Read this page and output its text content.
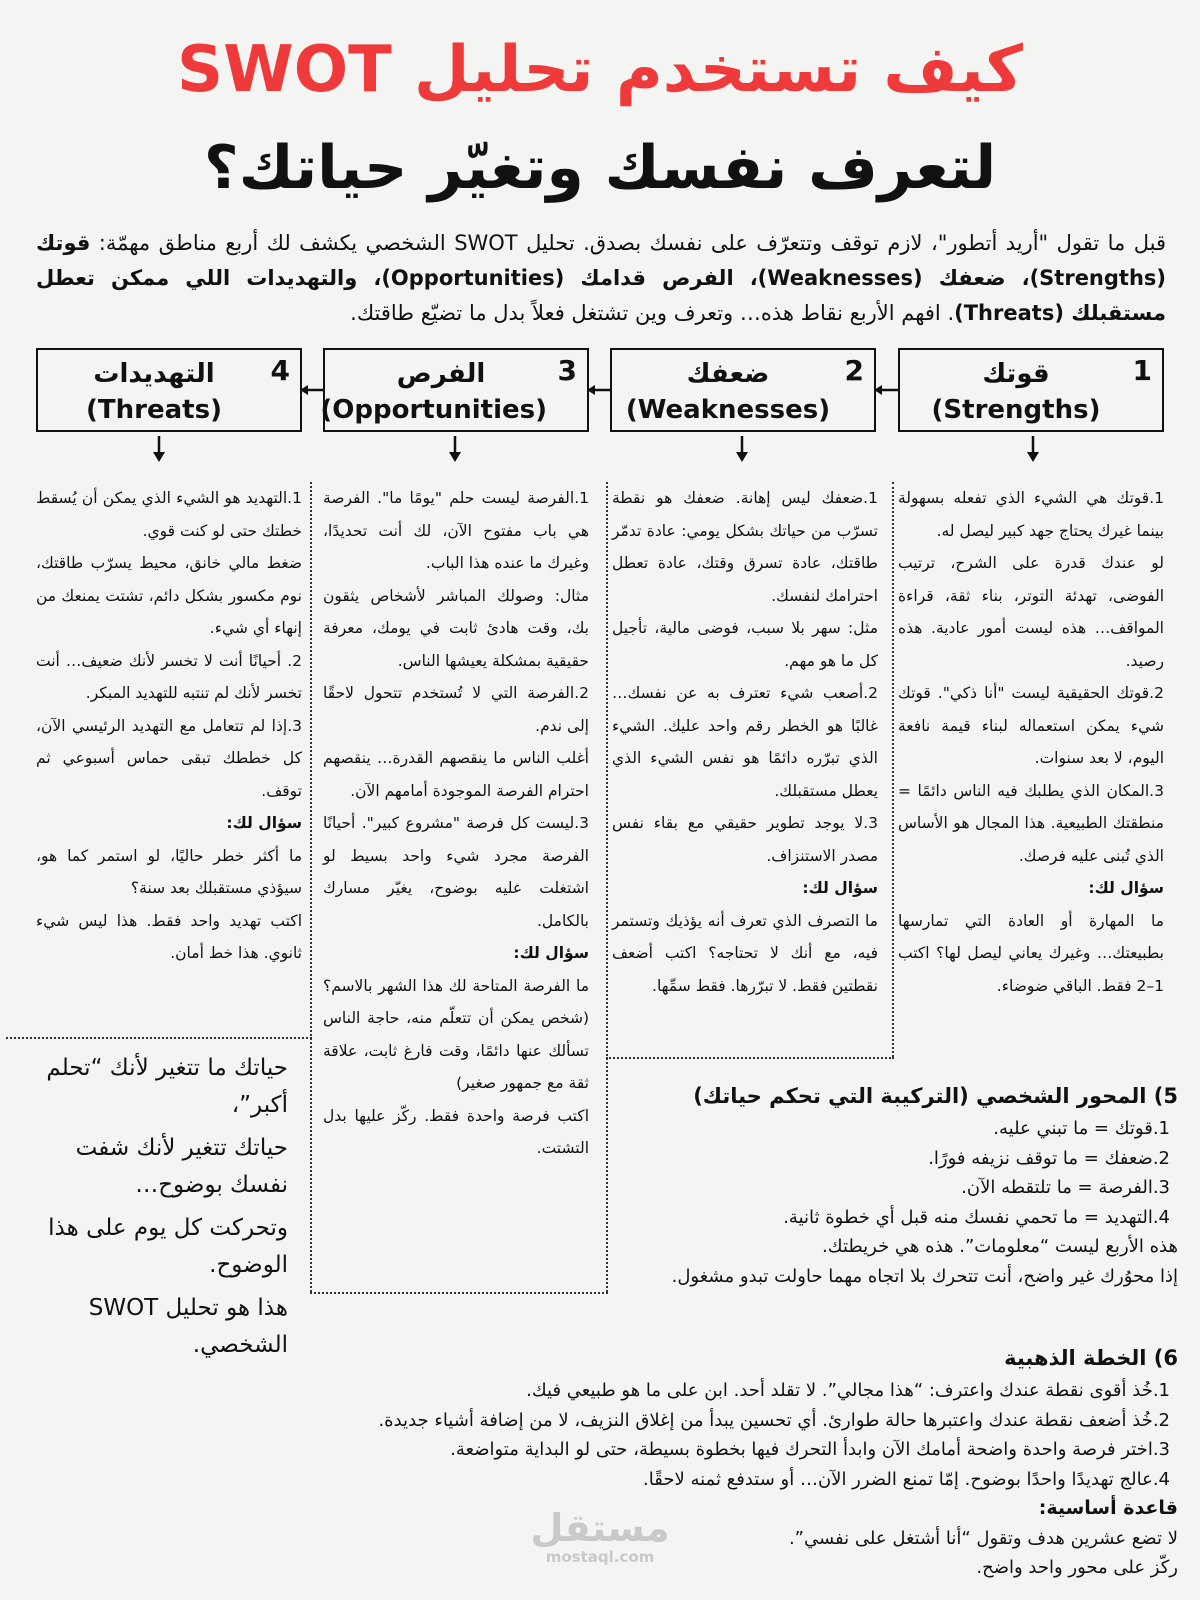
كيف تستخدم تحليل SWOT
لتعرف نفسك وتغيّر حياتك؟
قبل ما تقول "أريد أتطور"، لازم توقف وتتعرّف على نفسك بصدق. تحليل SWOT الشخصي يكشف لك أربع مناطق مهمّة: قوتك (Strengths)، ضعفك (Weaknesses)، الفرص قدامك (Opportunities)، والتهديدات اللي ممكن تعطل مستقبلك (Threats). افهم الأربع نقاط هذه… وتعرف وين تشتغل فعلاً بدل ما تضيّع طاقتك.
1
قوتك
(Strengths)
2
ضعفك
(Weaknesses)
3
الفرص
(Opportunities)
4
التهديدات
(Threats)

1.قوتك هي الشيء الذي تفعله بسهولة بينما غيرك يحتاج جهد كبير ليصل له.

لو عندك قدرة على الشرح، ترتيب الفوضى، تهدئة التوتر، بناء ثقة، قراءة المواقف… هذه ليست أمور عادية. هذه رصيد.

2.قوتك الحقيقية ليست "أنا ذكي". قوتك شيء يمكن استعماله لبناء قيمة نافعة اليوم، لا بعد سنوات.

3.المكان الذي يطلبك فيه الناس دائمًا = منطقتك الطبيعية. هذا المجال هو الأساس الذي تُبنى عليه فرصك.

سؤال لك:

ما المهارة أو العادة التي تمارسها بطبيعتك… وغيرك يعاني ليصل لها؟ اكتب 1–2 فقط. الباقي ضوضاء.

1.ضعفك ليس إهانة. ضعفك هو نقطة تسرّب من حياتك بشكل يومي: عادة تدمّر طاقتك، عادة تسرق وقتك، عادة تعطل احترامك لنفسك.

مثل: سهر بلا سبب، فوضى مالية، تأجيل كل ما هو مهم.

2.أصعب شيء تعترف به عن نفسك… غالبًا هو الخطر رقم واحد عليك. الشيء الذي تبرّره دائمًا هو نفس الشيء الذي يعطل مستقبلك.

3.لا يوجد تطوير حقيقي مع بقاء نفس مصدر الاستنزاف.

سؤال لك:

ما التصرف الذي تعرف أنه يؤذيك وتستمر فيه، مع أنك لا تحتاجه؟ اكتب أضعف نقطتين فقط. لا تبرّرها. فقط سمِّها.

1.الفرصة ليست حلم "يومًا ما". الفرصة هي باب مفتوح الآن، لك أنت تحديدًا، وغيرك ما عنده هذا الباب.

مثال: وصولك المباشر لأشخاص يثقون بك، وقت هادئ ثابت في يومك، معرفة حقيقية بمشكلة يعيشها الناس.

2.الفرصة التي لا تُستخدم تتحول لاحقًا إلى ندم.

أغلب الناس ما ينقصهم القدرة… ينقصهم احترام الفرصة الموجودة أمامهم الآن.

3.ليست كل فرصة "مشروع كبير". أحيانًا الفرصة مجرد شيء واحد بسيط لو اشتغلت عليه بوضوح، يغيّر مسارك بالكامل.

سؤال لك:

ما الفرصة المتاحة لك هذا الشهر بالاسم؟ (شخص يمكن أن تتعلّم منه، حاجة الناس تسألك عنها دائمًا، وقت فارغ ثابت، علاقة ثقة مع جمهور صغير)

اكتب فرصة واحدة فقط. ركّز عليها بدل التشتت.

1.التهديد هو الشيء الذي يمكن أن يُسقط خطتك حتى لو كنت قوي.

ضغط مالي خانق، محيط يسرّب طاقتك، نوم مكسور بشكل دائم، تشتت يمنعك من إنهاء أي شيء.

2. أحيانًا أنت لا تخسر لأنك ضعيف… أنت تخسر لأنك لم تنتبه للتهديد المبكر.

3.إذا لم تتعامل مع التهديد الرئيسي الآن، كل خططك تبقى حماس أسبوعي ثم توقف.

سؤال لك:

ما أكثر خطر حاليًا، لو استمر كما هو، سيؤذي مستقبلك بعد سنة؟

اكتب تهديد واحد فقط. هذا ليس شيء ثانوي. هذا خط أمان.

حياتك ما تتغير لأنك “تحلم أكبر”،

حياتك تتغير لأنك شفت نفسك بوضوح…

وتحركت كل يوم على هذا الوضوح.

هذا هو تحليل SWOT الشخصي.

5) المحور الشخصي (التركيبة التي تحكم حياتك)
1.قوتك = ما تبني عليه.
2.ضعفك = ما توقف نزيفه فورًا.
3.الفرصة = ما تلتقطه الآن.
4.التهديد = ما تحمي نفسك منه قبل أي خطوة ثانية.
هذه الأربع ليست “معلومات”. هذه هي خريطتك.
إذا محوُرك غير واضح، أنت تتحرك بلا اتجاه مهما حاولت تبدو مشغول.
6) الخطة الذهبية
1.خُذ أقوى نقطة عندك واعترف: “هذا مجالي”. لا تقلد أحد. ابن على ما هو طبيعي فيك.
2.خُذ أضعف نقطة عندك واعتبرها حالة طوارئ. أي تحسين يبدأ من إغلاق النزيف، لا من إضافة أشياء جديدة.
3.اختر فرصة واحدة واضحة أمامك الآن وابدأ التحرك فيها بخطوة بسيطة، حتى لو البداية متواضعة.
4.عالج تهديدًا واحدًا بوضوح. إمّا تمنع الضرر الآن… أو ستدفع ثمنه لاحقًا.
قاعدة أساسية:
لا تضع عشرين هدف وتقول “أنا أشتغل على نفسي”.
ركّز على محور واحد واضح.
مستقل
mostaql.com
